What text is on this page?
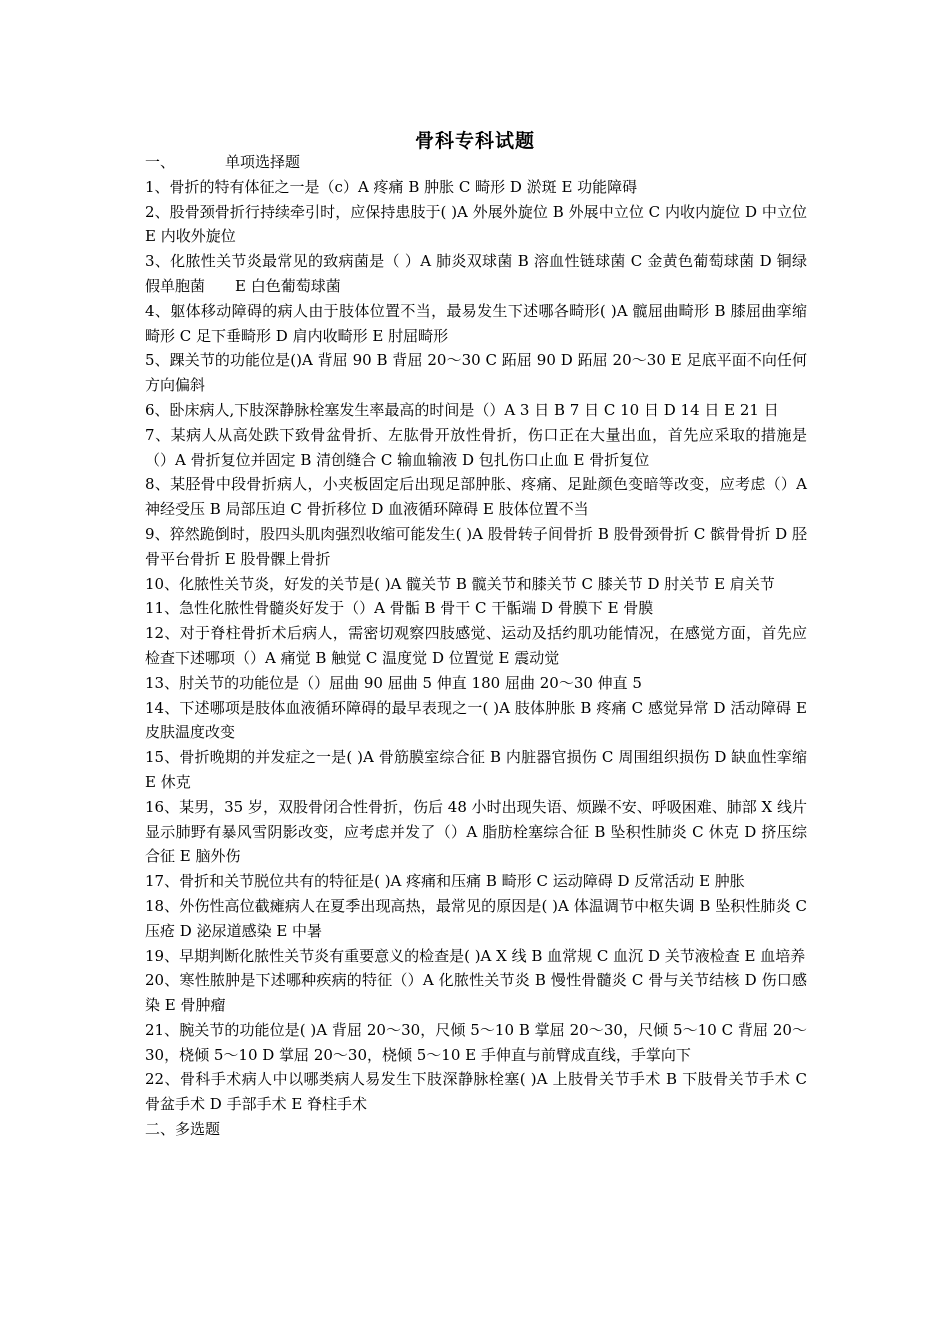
骨科专科试题
一、	单项选择题

1、骨折的特有体征之一是（c）A 疼痛 B 肿胀 C 畸形 D 淤斑 E 功能障碍

2、股骨颈骨折行持续牵引时，应保持患肢于( )A 外展外旋位 B 外展中立位 C 内收内旋位 D 中立位 E 内收外旋位

3、化脓性关节炎最常见的致病菌是（ ）A 肺炎双球菌 B 溶血性链球菌 C 金黄色葡萄球菌 D 铜绿假单胞菌　　E 白色葡萄球菌

4、躯体移动障碍的病人由于肢体位置不当，最易发生下述哪各畸形( )A 髋屈曲畸形 B 膝屈曲挛缩畸形 C 足下垂畸形 D 肩内收畸形 E 肘屈畸形

5、踝关节的功能位是()A 背屈 90 B 背屈 20～30 C 跖屈 90 D 跖屈 20～30 E 足底平面不向任何方向偏斜

6、卧床病人,下肢深静脉栓塞发生率最高的时间是（）A 3 日 B 7 日 C 10 日 D 14 日 E 21 日

7、某病人从高处跌下致骨盆骨折、左肱骨开放性骨折，伤口正在大量出血，首先应采取的措施是（）A 骨折复位并固定 B 清创缝合 C 输血输液 D 包扎伤口止血 E 骨折复位

8、某胫骨中段骨折病人，小夹板固定后出现足部肿胀、疼痛、足趾颜色变暗等改变，应考虑（）A 神经受压 B 局部压迫 C 骨折移位 D 血液循环障碍 E 肢体位置不当

9、猝然跪倒时，股四头肌肉强烈收缩可能发生( )A 股骨转子间骨折 B 股骨颈骨折 C 髌骨骨折 D 胫骨平台骨折 E 股骨髁上骨折

10、化脓性关节炎，好发的关节是( )A 髋关节 B 髋关节和膝关节 C 膝关节 D 肘关节 E 肩关节

11、急性化脓性骨髓炎好发于（）A 骨骺 B 骨干 C 干骺端 D 骨膜下 E 骨膜

12、对于脊柱骨折术后病人，需密切观察四肢感觉、运动及括约肌功能情况，在感觉方面，首先应检查下述哪项（）A 痛觉 B 触觉 C 温度觉 D 位置觉 E 震动觉

13、肘关节的功能位是（）屈曲 90 屈曲 5 伸直 180 屈曲 20～30 伸直 5

14、下述哪项是肢体血液循环障碍的最早表现之一( )A 肢体肿胀 B 疼痛 C 感觉异常 D 活动障碍 E 皮肤温度改变

15、骨折晚期的并发症之一是( )A 骨筋膜室综合征 B 内脏器官损伤 C 周围组织损伤 D 缺血性挛缩 E 休克

16、某男，35 岁，双股骨闭合性骨折，伤后 48 小时出现失语、烦躁不安、呼吸困难、肺部 X 线片显示肺野有暴风雪阴影改变，应考虑并发了（）A 脂肪栓塞综合征 B 坠积性肺炎 C 休克 D 挤压综合征 E 脑外伤

17、骨折和关节脱位共有的特征是( )A 疼痛和压痛 B 畸形 C 运动障碍 D 反常活动 E 肿胀

18、外伤性高位截瘫病人在夏季出现高热，最常见的原因是( )A 体温调节中枢失调 B 坠积性肺炎 C 压疮 D 泌尿道感染 E 中暑

19、早期判断化脓性关节炎有重要意义的检查是( )A X 线 B 血常规 C 血沉 D 关节液检查 E 血培养

20、寒性脓肿是下述哪种疾病的特征（）A 化脓性关节炎 B 慢性骨髓炎 C 骨与关节结核 D 伤口感染 E 骨肿瘤

21、腕关节的功能位是( )A 背屈 20～30，尺倾 5～10 B 掌屈 20～30，尺倾 5～10 C 背屈 20～30，桡倾 5～10 D 掌屈 20～30，桡倾 5～10 E 手伸直与前臂成直线，手掌向下

22、骨科手术病人中以哪类病人易发生下肢深静脉栓塞( )A 上肢骨关节手术 B 下肢骨关节手术 C 骨盆手术 D 手部手术 E 脊柱手术

二、多选题
